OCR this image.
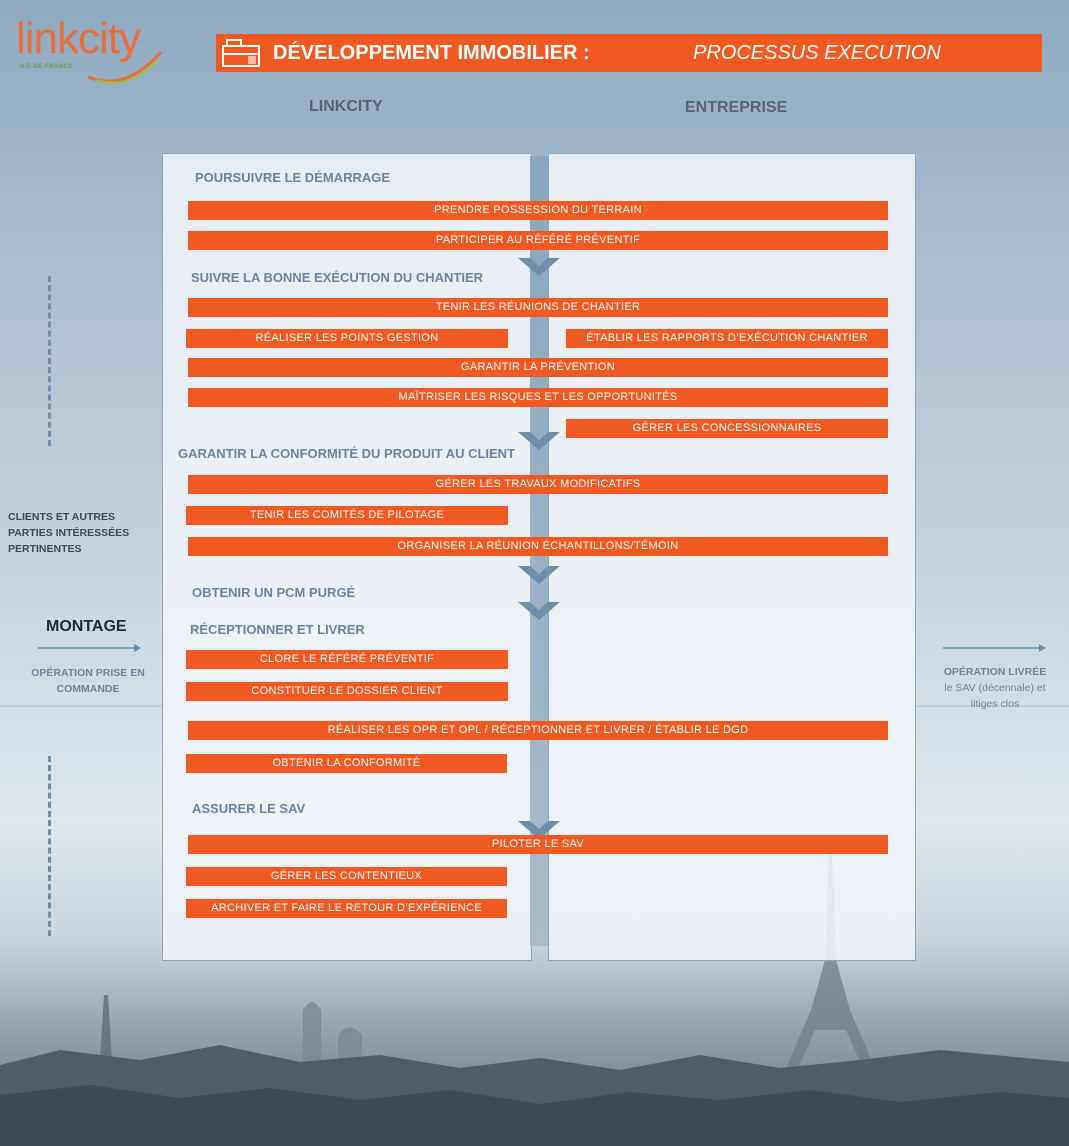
linkcity
ILE-DE-FRANCE
DÉVELOPPEMENT IMMOBILIER :	PROCESSUS EXECUTION
LINKCITY	ENTREPRISE
POURSUIVRE LE DÉMARRAGE
SUIVRE LA BONNE EXÉCUTION DU CHANTIER
GARANTIR LA CONFORMITÉ DU PRODUIT AU CLIENT
OBTENIR UN PCM PURGÉ
RÉCEPTIONNER ET LIVRER
ASSURER LE SAV
PRENDRE POSSESSION DU TERRAIN
PARTICIPER AU RÉFÉRÉ PRÉVENTIF
TENIR LES RÉUNIONS DE CHANTIER
RÉALISER LES POINTS GESTION	ÉTABLIR LES RAPPORTS D’EXÉCUTION CHANTIER
GARANTIR LA PRÉVENTION
MAÎTRISER LES RISQUES ET LES OPPORTUNITÉS
GÉRER LES CONCESSIONNAIRES
GÉRER LES TRAVAUX MODIFICATIFS
TENIR LES COMITÉS DE PILOTAGE
ORGANISER LA RÉUNION ÉCHANTILLONS/TÉMOIN
CLORE LE RÉFÉRÉ PRÉVENTIF
CONSTITUER LE DOSSIER CLIENT
RÉALISER LES OPR ET OPL / RÉCEPTIONNER ET LIVRER / ÉTABLIR LE DGD
OBTENIR LA CONFORMITÉ
PILOTER LE SAV
GÉRER LES CONTENTIEUX
ARCHIVER ET FAIRE LE RETOUR D’EXPÉRIENCE
CLIENTS ET AUTRES
PARTIES INTÉRESSÉES
PERTINENTES
MONTAGE
OPÉRATION PRISE EN
COMMANDE
OPÉRATION LIVRÉE
le SAV (décennale) et
litiges clos
